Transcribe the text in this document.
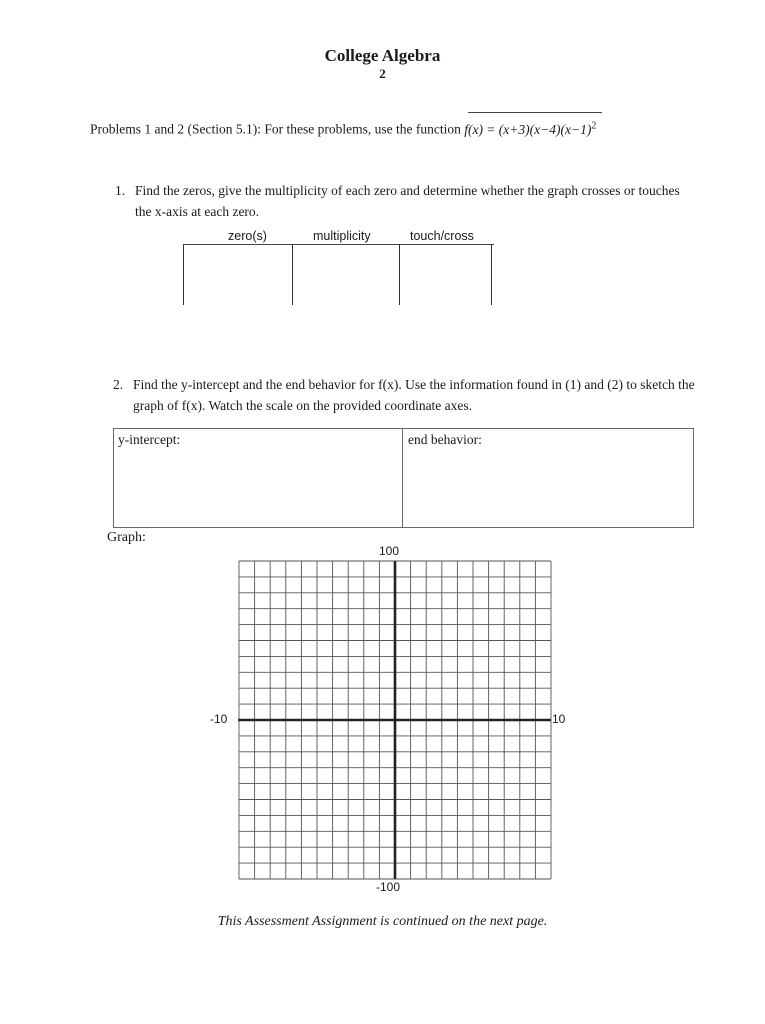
College Algebra
2
Problems 1 and 2 (Section 5.1): For these problems, use the function
$f(x) = (x+3)(x-4)(x-1)^2$
1. Find the zeros, give the multiplicity of each zero and determine whether the graph crosses or touches the x-axis at each zero.
zero(s)	multiplicity	touch/cross
2. Find the y-intercept and the end behavior for f(x). Use the information found in (1) and (2) to sketch the graph of f(x). Watch the scale on the provided coordinate axes.
y-intercept:	end behavior:
Graph:
100
-100
-10	10
This Assessment Assignment is continued on the next page.
